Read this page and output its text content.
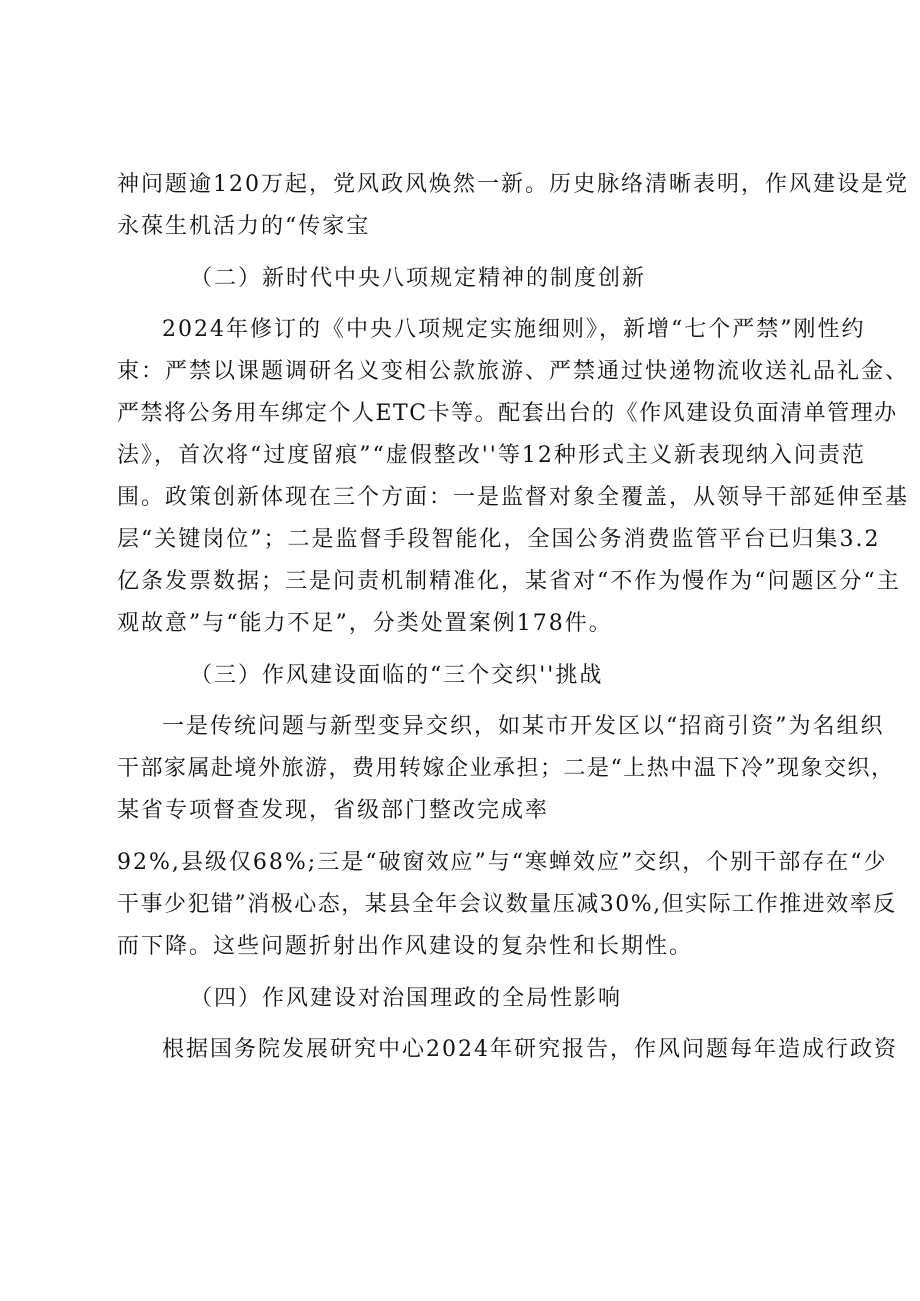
神问题逾120万起，党风政风焕然一新。历史脉络清晰表明，作风建设是党
永葆生机活力的“传家宝
（二）新时代中央八项规定精神的制度创新
2024年修订的《中央八项规定实施细则》，新增“七个严禁”刚性约
束：严禁以课题调研名义变相公款旅游、严禁通过快递物流收送礼品礼金、
严禁将公务用车绑定个人ETC卡等。配套出台的《作风建设负面清单管理办
法》，首次将“过度留痕”“虚假整改''等12种形式主义新表现纳入问责范
围。政策创新体现在三个方面：一是监督对象全覆盖，从领导干部延伸至基
层“关键岗位”；二是监督手段智能化，全国公务消费监管平台已归集3.2
亿条发票数据；三是问责机制精准化，某省对“不作为慢作为“问题区分“主
观故意”与“能力不足”，分类处置案例178件。
（三）作风建设面临的“三个交织''挑战
一是传统问题与新型变异交织，如某市开发区以“招商引资”为名组织
干部家属赴境外旅游，费用转嫁企业承担；二是“上热中温下冷”现象交织，
某省专项督查发现，省级部门整改完成率
92%,县级仅68%;三是“破窗效应”与“寒蝉效应”交织，个别干部存在“少
干事少犯错”消极心态，某县全年会议数量压减30%,但实际工作推进效率反
而下降。这些问题折射出作风建设的复杂性和长期性。
（四）作风建设对治国理政的全局性影响
根据国务院发展研究中心2024年研究报告，作风问题每年造成行政资
